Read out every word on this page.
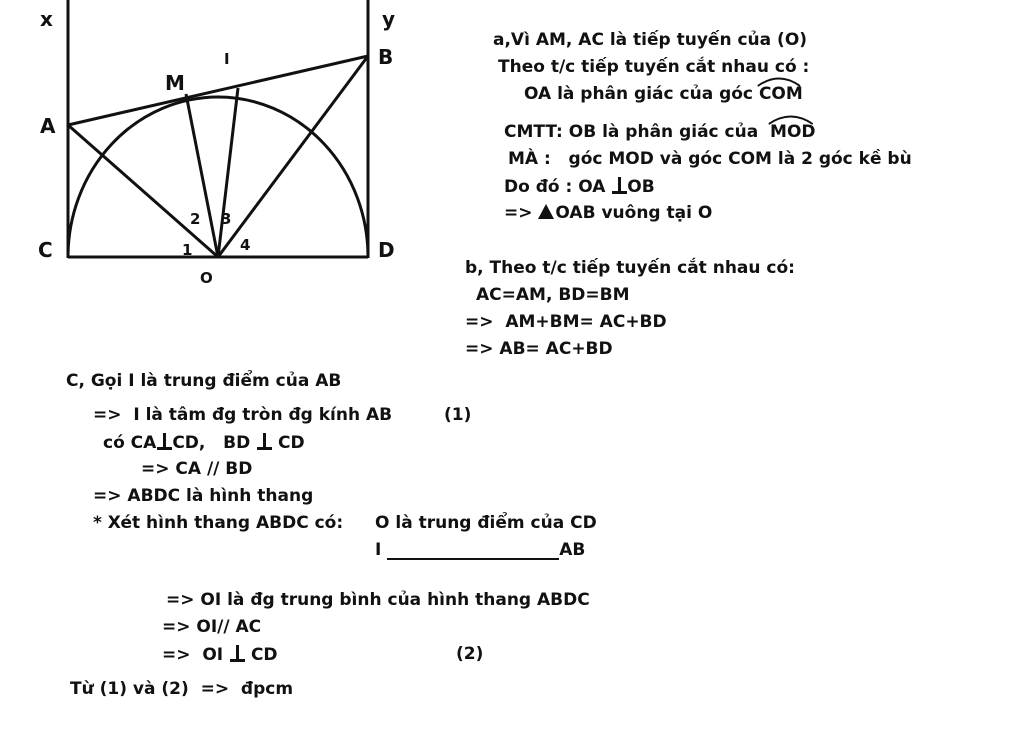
x	y
A
B
C	D
M
I
O
1
2 3
4
a,Vì AM, AC là tiếp tuyến của (O)
Theo t/c tiếp tuyến cắt nhau có :
OA là phân giác của góc
COM
CMTT: OB là phân giác của
MOD
MÀ :   góc MOD và góc COM là 2 góc kề bù
Do đó : OA OB
=> OAB vuông tại O
b, Theo t/c tiếp tuyến cắt nhau có:
AC=AM, BD=BM
=>  AM+BM= AC+BD
=> AB= AC+BD
C, Gọi I là trung điểm của AB
=>  I là tâm đg tròn đg kính AB	(1)
có CA CD,   BD  CD
=> CA // BD
=> ABDC là hình thang
* Xét hình thang ABDC có: O là trung điểm của CD
I	AB
=> OI là đg trung bình của hình thang ABDC
=> OI// AC
=>  OI  CD	(2)
Từ (1) và (2)  =>  đpcm
